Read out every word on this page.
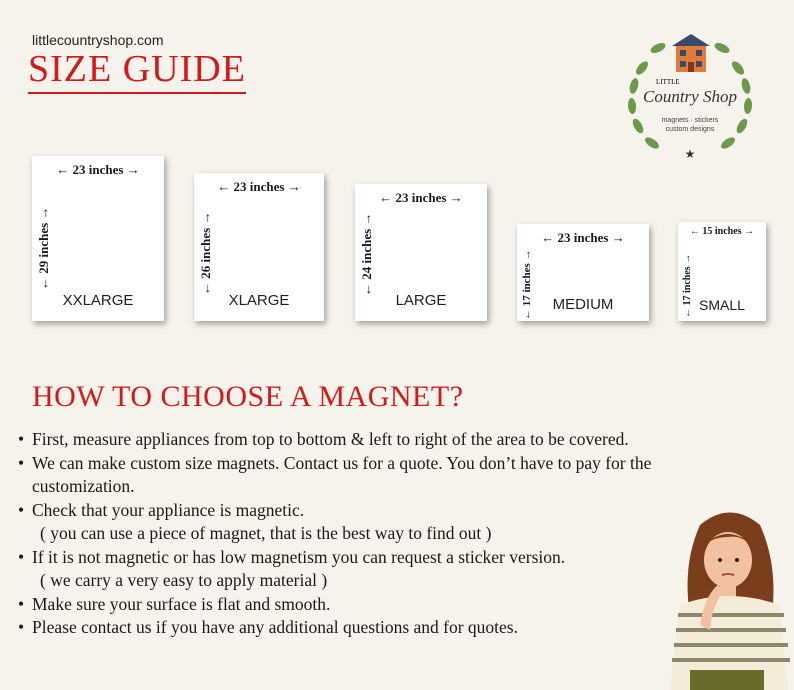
littlecountryshop.com
SIZE GUIDE	LITTLE
Country Shop
magnets · stickers
custom designs
★
← 23 inches →
← 29 inches →
XXLARGE
← 23 inches →
← 26 inches →
XLARGE
← 23 inches →
← 24 inches →
LARGE
← 23 inches →
← 17 inches →
MEDIUM
← 15 inches →
← 17 inches →
SMALL
HOW TO CHOOSE A MAGNET?
• First, measure appliances from top to bottom & left to right of the area to be covered.
• We can make custom size magnets. Contact us for a quote. You don’t have to pay for the customization.
• Check that your appliance is magnetic.
( you can use a piece of magnet, that is the best way to find out )
• If it is not magnetic or has low magnetism you can request a sticker version.
( we carry a very easy to apply material )
• Make sure your surface is flat and smooth.
• Please contact us if you have any additional questions and for quotes.
